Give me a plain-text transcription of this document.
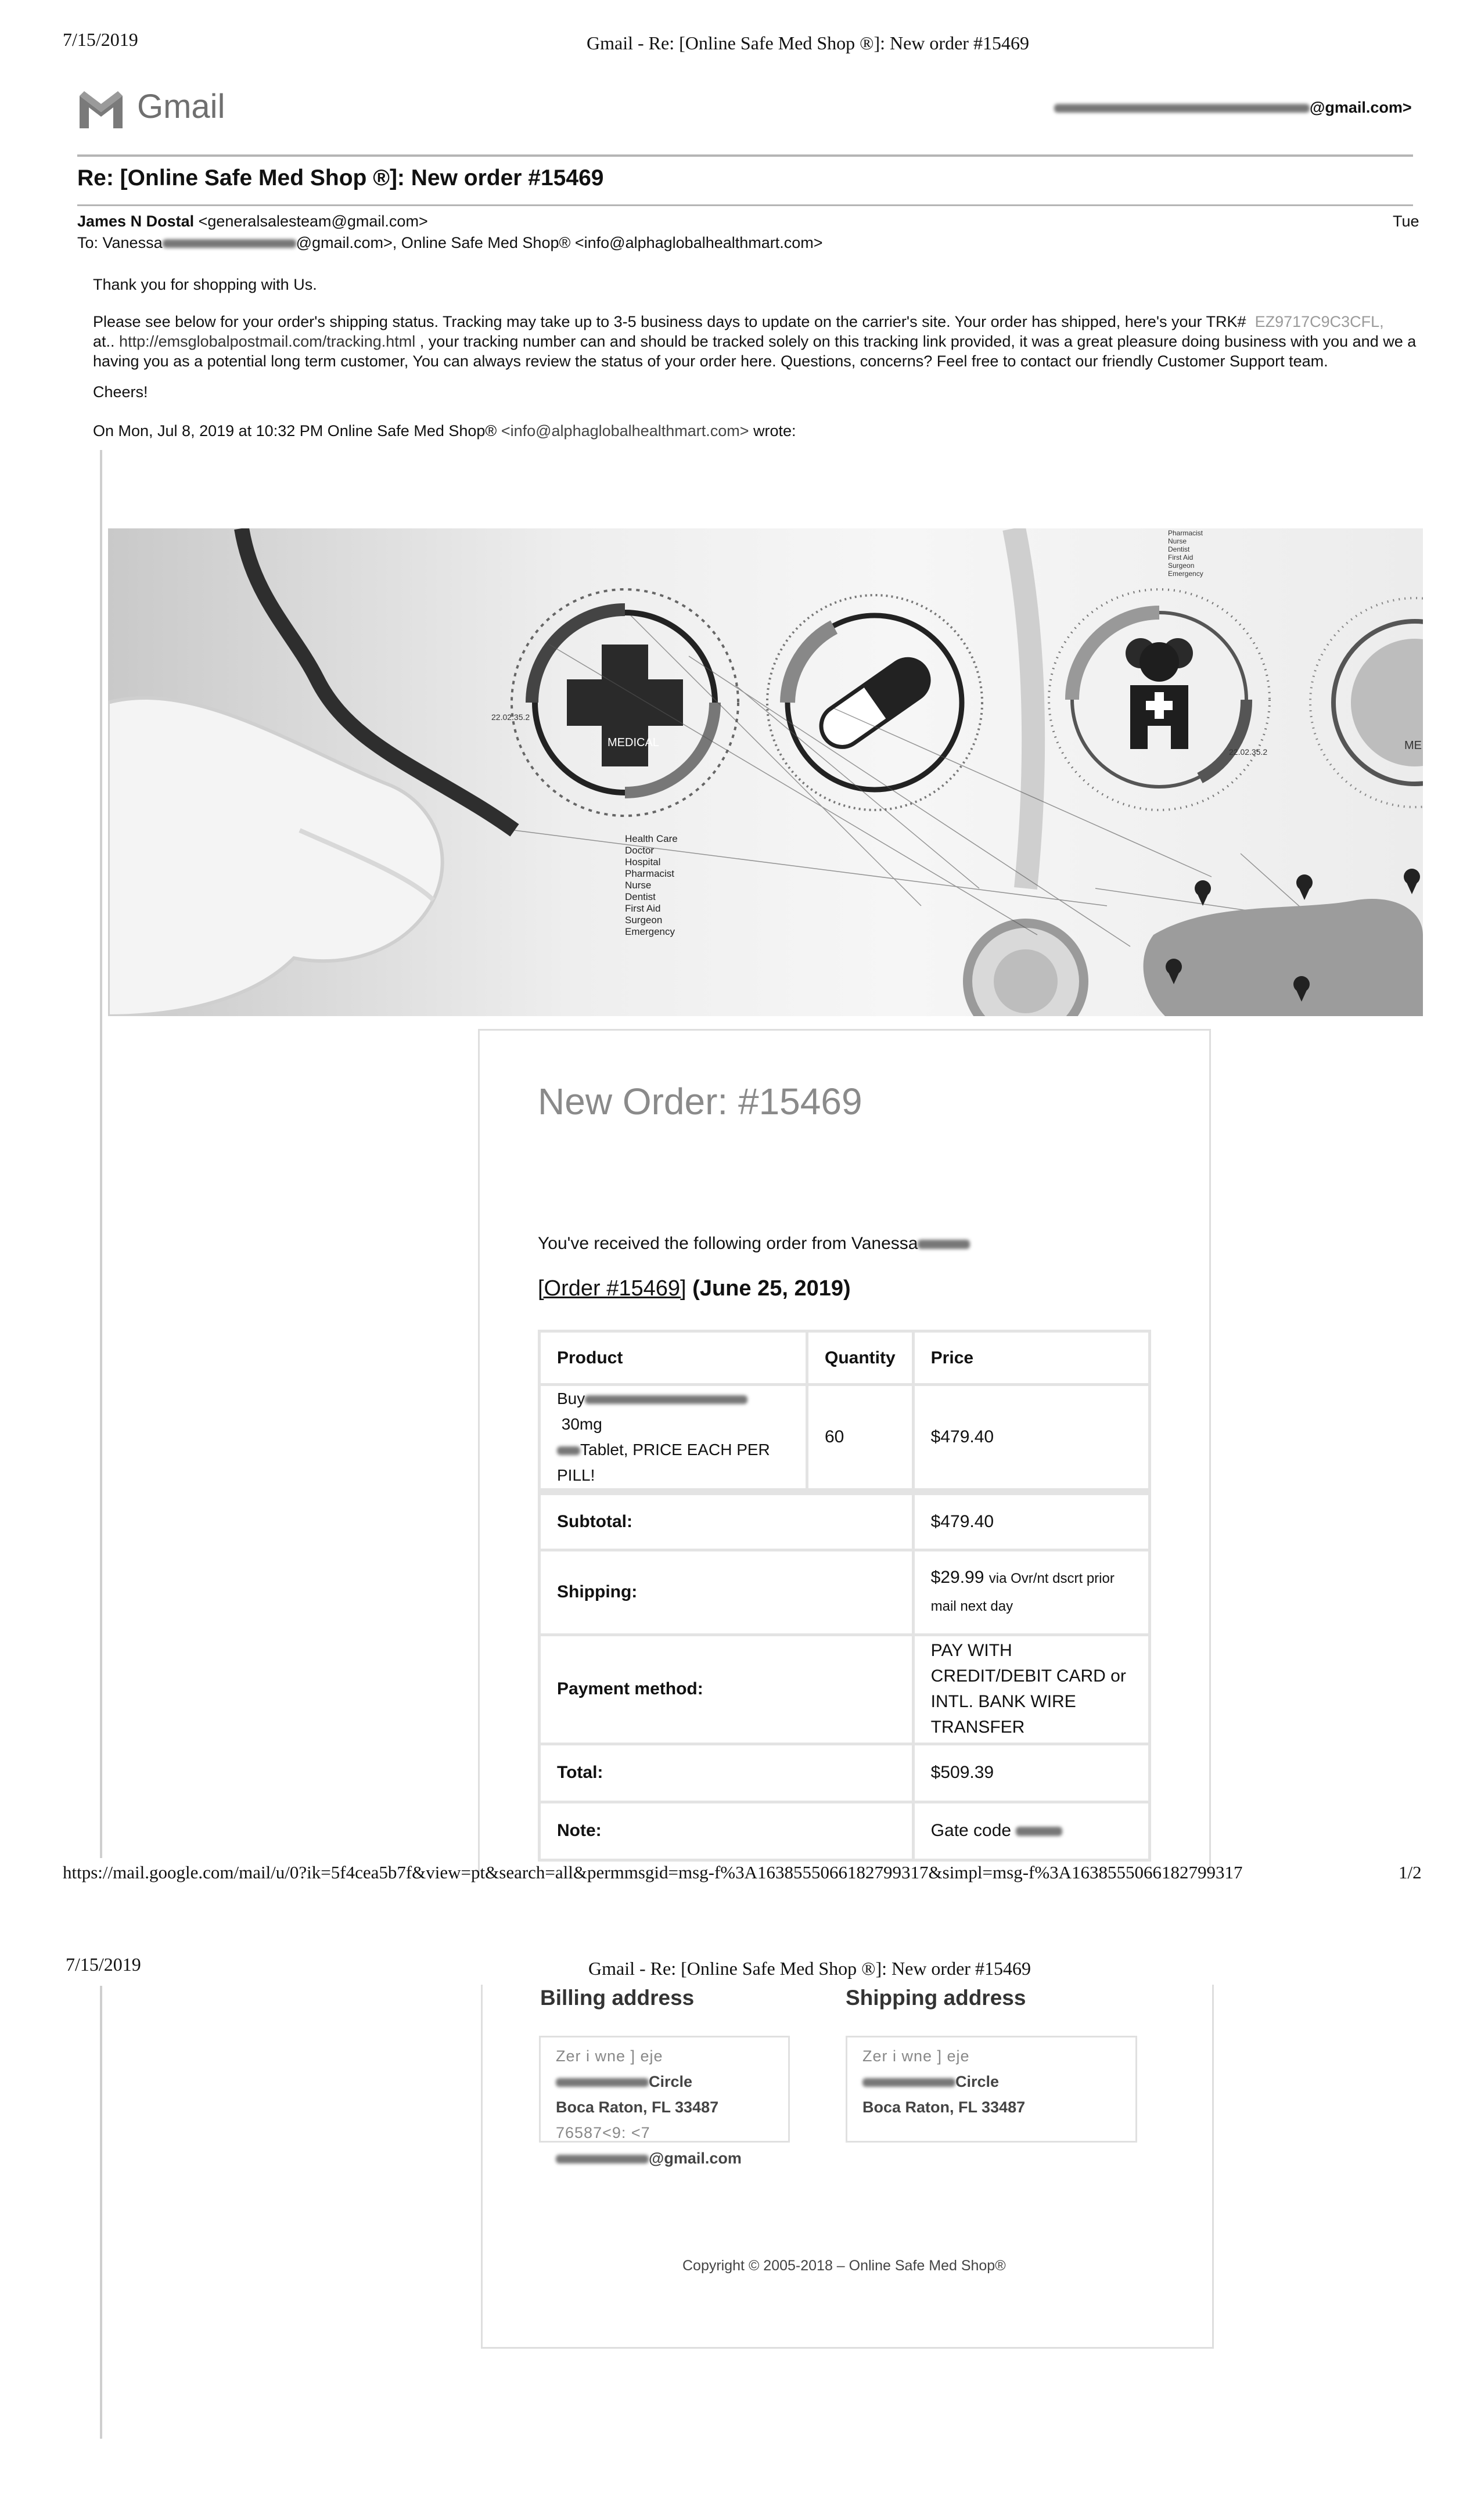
7/15/2019	Gmail - Re: [Online Safe Med Shop ®]: New order #15469
Gmail	@gmail.com>
Re: [Online Safe Med Shop ®]: New order #15469
James N Dostal <generalsalesteam@gmail.com>	Tue
To: Vanessa	@gmail.com>, Online Safe Med Shop® <info@alphaglobalhealthmart.com>
Thank you for shopping with Us.
Please see below for your order's shipping status. Tracking may take up to 3-5 business days to update on the carrier's site. Your order has shipped, here's your TRK# EZ9717C9C3CFL,
at.. http://emsglobalpostmail.com/tracking.html , your tracking number can and should be tracked solely on this tracking link provided, it was a great pleasure doing business with you and we a
having you as a potential long term customer, You can always review the status of your order here. Questions, concerns? Feel free to contact our friendly Customer Support team.
Cheers!
On Mon, Jul 8, 2019 at 10:32 PM Online Safe Med Shop® <info@alphaglobalhealthmart.com> wrote:
MEDICAL
22.02.35.2
22.02.35.2	ME
Health Care
Doctor
Hospital
Pharmacist
Nurse
Dentist
First Aid
Surgeon
Emergency
Pharmacist
Nurse
Dentist
First Aid
Surgeon
Emergency
New Order: #15469
You've received the following order from Vanessa
[Order #15469] (June 25, 2019)
Product	Quantity	Price
Buy 30mg
Tablet, PRICE EACH PER PILL!	60	$479.40
Subtotal:		$479.40
Shipping:		$29.99 via Ovr/nt dscrt prior mail next day
Payment method:		PAY WITH CREDIT/DEBIT CARD or INTL. BANK WIRE TRANSFER
Total:		$509.39
Note:		Gate code
https://mail.google.com/mail/u/0?ik=5f4cea5b7f&view=pt&search=all&permmsgid=msg-f%3A1638555066182799317&simpl=msg-f%3A1638555066182799317	1/2
7/15/2019	Gmail - Re: [Online Safe Med Shop ®]: New order #15469
Billing address	Shipping address
Zer i wne ] eje
Circle
Boca Raton, FL 33487
76587<9: <7
@gmail.com
Zer i wne ] eje
Circle
Boca Raton, FL 33487
Copyright © 2005-2018 – Online Safe Med Shop®
